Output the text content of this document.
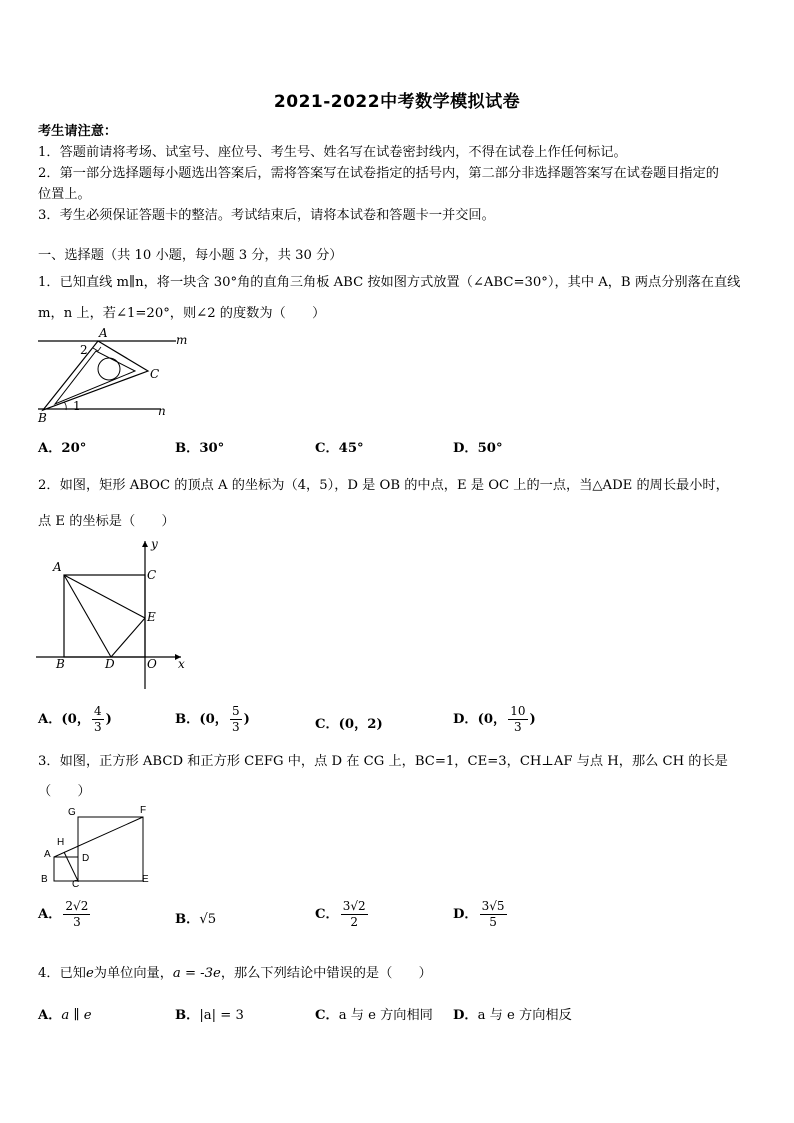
2021-2022中考数学模拟试卷
考生请注意：
1．答题前请将考场、试室号、座位号、考生号、姓名写在试卷密封线内，不得在试卷上作任何标记。
2．第一部分选择题每小题选出答案后，需将答案写在试卷指定的括号内，第二部分非选择题答案写在试卷题目指定的
位置上。
3．考生必须保证答题卡的整洁。考试结束后，请将本试卷和答题卡一并交回。
一、选择题（共 10 小题，每小题 3 分，共 30 分）
1．已知直线 m∥n，将一块含 30°角的直角三角板 ABC 按如图方式放置（∠ABC=30°），其中 A，B 两点分别落在直线
m，n 上，若∠1=20°，则∠2 的度数为（　　）
A
B
C
m
n
1
2
A．20°	B．30°	C．45°	D．50°
2．如图，矩形 ABOC 的顶点 A 的坐标为（4，5），D 是 OB 的中点，E 是 OC 上的一点，当△ADE 的周长最小时，
点 E 的坐标是（　　）
A
B
C
D
E
O x
y
A．(0， $\frac{4}{3}$ )	B．(0， $\frac{5}{3}$ )	C．(0，2)	D．(0， $\frac{10}{3}$ )
3．如图，正方形 ABCD 和正方形 CEFG 中，点 D 在 CG 上，BC=1，CE=3，CH⊥AF 与点 H，那么 CH 的长是
（　　）
G	F
H
A	D
B C	E
A． $\frac{2√2}{3}$	B．√5	C． $\frac{3√2}{2}$	D． $\frac{3√5}{5}$
4．已知e为单位向量，a = -3e，那么下列结论中错误的是（　　）
A．a ∥ e	B．|a| = 3	C．a 与 e 方向相同 D．a 与 e 方向相反
